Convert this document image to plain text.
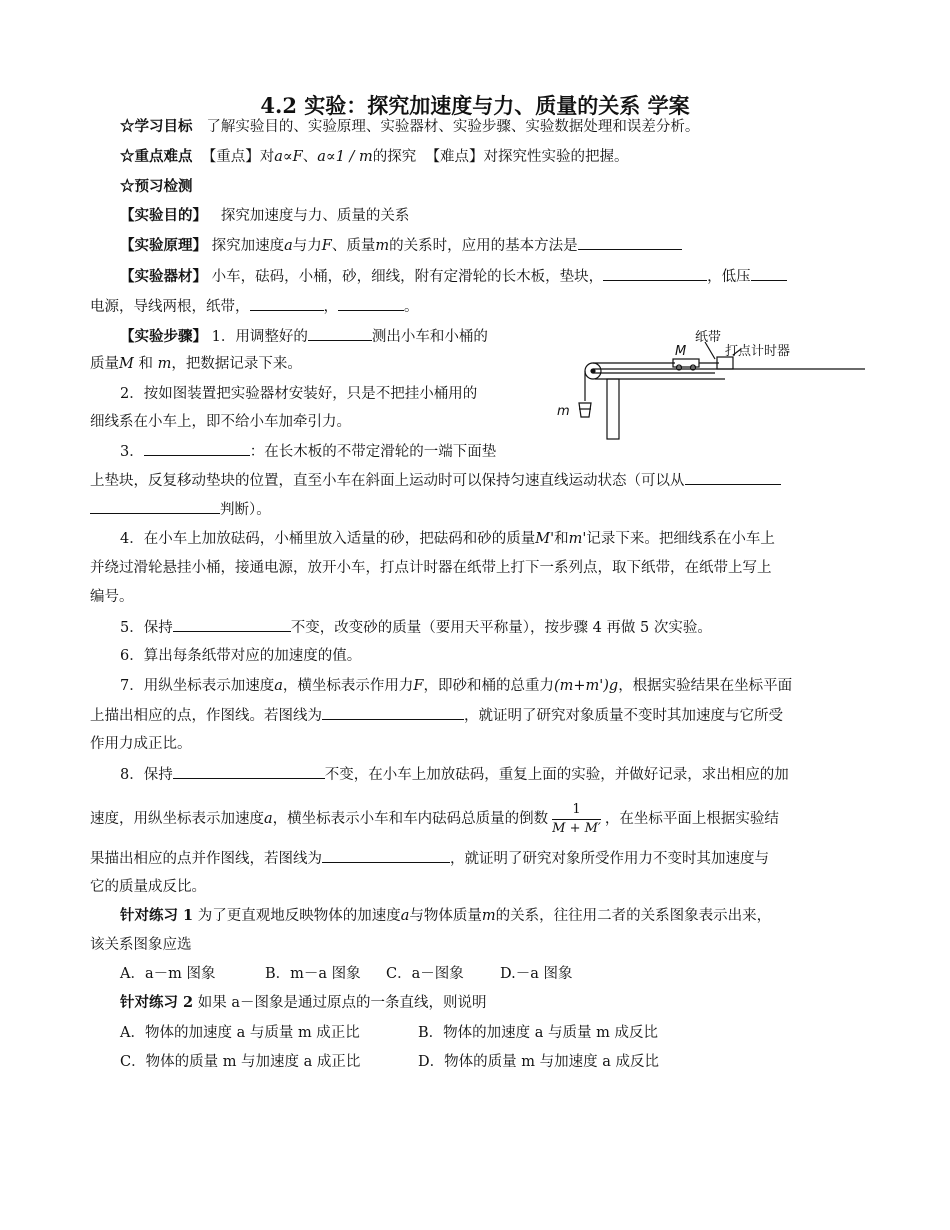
4.2 实验：探究加速度与力、质量的关系 学案
☆学习目标 了解实验目的、实验原理、实验器材、实验步骤、实验数据处理和误差分析。
☆重点难点 【重点】对a∝F、a∝1 / m的探究 【难点】对探究性实验的把握。
☆预习检测
【实验目的】 探究加速度与力、质量的关系
【实验原理】 探究加速度a与力F、质量m的关系时，应用的基本方法是
【实验器材】 小车，砝码，小桶，砂，细线，附有定滑轮的长木板，垫块，	，低压
电源，导线两根，纸带，	，	。
【实验步骤】 1．用调整好的	测出小车和小桶的
质量M 和 m，把数据记录下来。
2．按如图装置把实验器材安装好，只是不把挂小桶用的
细线系在小车上，即不给小车加牵引力。
3．	：在长木板的不带定滑轮的一端下面垫
上垫块，反复移动垫块的位置，直至小车在斜面上运动时可以保持匀速直线运动状态（可以从
判断）。
4．在小车上加放砝码，小桶里放入适量的砂，把砝码和砂的质量M'和m'记录下来。把细线系在小车上
并绕过滑轮悬挂小桶，接通电源，放开小车，打点计时器在纸带上打下一系列点，取下纸带，在纸带上写上
编号。
5．保持	不变，改变砂的质量（要用天平称量），按步骤 4 再做 5 次实验。
6．算出每条纸带对应的加速度的值。
7．用纵坐标表示加速度a，横坐标表示作用力F，即砂和桶的总重力(m+m')g，根据实验结果在坐标平面
上描出相应的点，作图线。若图线为	，就证明了研究对象质量不变时其加速度与它所受
作用力成正比。
8．保持	不变，在小车上加放砝码，重复上面的实验，并做好记录，求出相应的加
速度，用纵坐标表示加速度a，横坐标表示小车和车内砝码总质量的倒数 $\frac{1}{M + M'}$ ，在坐标平面上根据实验结
果描出相应的点并作图线，若图线为	，就证明了研究对象所受作用力不变时其加速度与
它的质量成反比。
针对练习 1 为了更直观地反映物体的加速度a与物体质量m的关系，往往用二者的关系图象表示出来，
该关系图象应选
A．a－m 图象	B．m－a 图象 C．a－图象	D.－a 图象
针对练习 2 如果 a－图象是通过原点的一条直线，则说明
A．物体的加速度 a 与质量 m 成正比	B．物体的加速度 a 与质量 m 成反比
C．物体的质量 m 与加速度 a 成正比	D．物体的质量 m 与加速度 a 成反比
纸带
打点计时器
M
m
